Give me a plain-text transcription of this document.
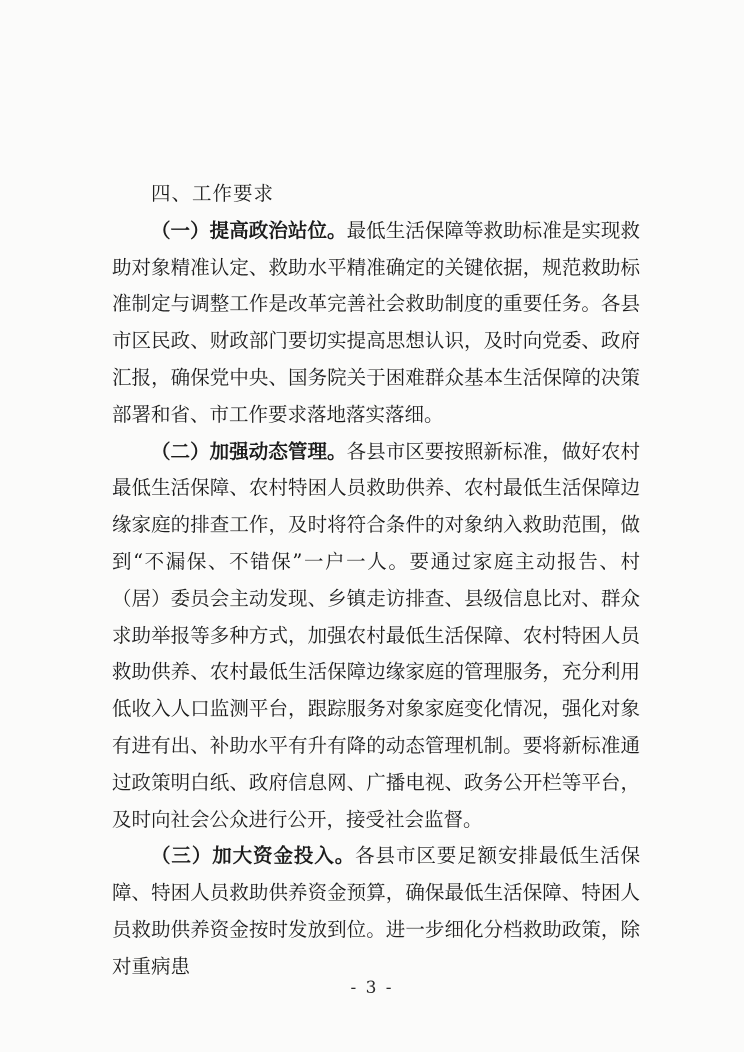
四、工作要求

（一）提高政治站位。最低生活保障等救助标准是实现救助对象精准认定、救助水平精准确定的关键依据，规范救助标准制定与调整工作是改革完善社会救助制度的重要任务。各县市区民政、财政部门要切实提高思想认识，及时向党委、政府汇报，确保党中央、国务院关于困难群众基本生活保障的决策部署和省、市工作要求落地落实落细。

（二）加强动态管理。各县市区要按照新标准，做好农村最低生活保障、农村特困人员救助供养、农村最低生活保障边缘家庭的排查工作，及时将符合条件的对象纳入救助范围，做到“不漏保、不错保”一户一人。要通过家庭主动报告、村（居）委员会主动发现、乡镇走访排查、县级信息比对、群众求助举报等多种方式，加强农村最低生活保障、农村特困人员救助供养、农村最低生活保障边缘家庭的管理服务，充分利用低收入人口监测平台，跟踪服务对象家庭变化情况，强化对象有进有出、补助水平有升有降的动态管理机制。要将新标准通过政策明白纸、政府信息网、广播电视、政务公开栏等平台，及时向社会公众进行公开，接受社会监督。

（三）加大资金投入。各县市区要足额安排最低生活保障、特困人员救助供养资金预算，确保最低生活保障、特困人员救助供养资金按时发放到位。进一步细化分档救助政策，除对重病患

- 3 -
